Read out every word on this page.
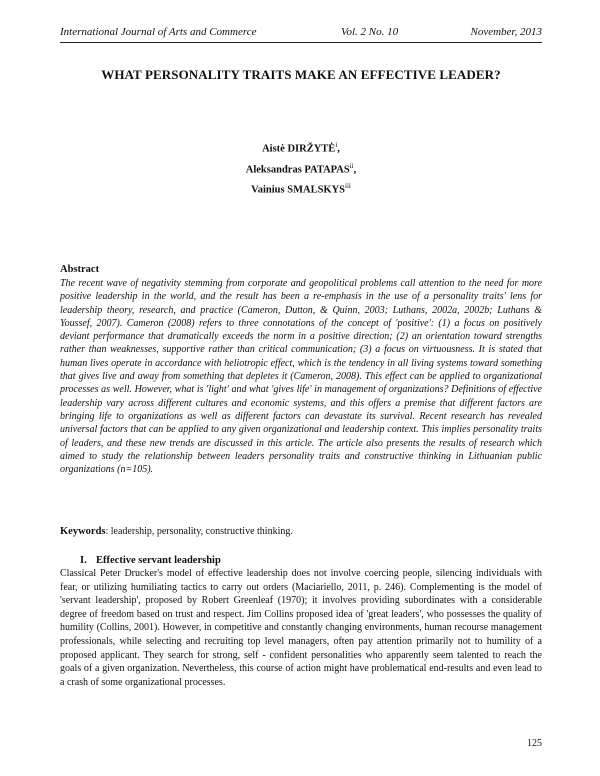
International Journal of Arts and Commerce	Vol. 2 No. 10	November, 2013
WHAT PERSONALITY TRAITS MAKE AN EFFECTIVE LEADER?
Aistė DIRŽYTĖ$^i$,
Aleksandras PATAPAS$^{ii}$,
Vainius SMALSKYS$^{iii}$
Abstract
The recent wave of negativity stemming from corporate and geopolitical problems call attention to the need for more positive leadership in the world, and the result has been a re-emphasis in the use of a personality traits' lens for leadership theory, research, and practice (Cameron, Dutton, & Quinn, 2003; Luthans, 2002a, 2002b; Luthans & Youssef, 2007). Cameron (2008) refers to three connotations of the concept of 'positive': (1) a focus on positively deviant performance that dramatically exceeds the norm in a positive direction; (2) an orientation toward strengths rather than weaknesses, supportive rather than critical communication; (3) a focus on virtuousness. It is stated that human lives operate in accordance with heliotropic effect, which is the tendency in all living systems toward something that gives live and away from something that depletes it (Cameron, 2008). This effect can be applied to organizational processes as well. However, what is 'light' and what 'gives life' in management of organizations? Definitions of effective leadership vary across different cultures and economic systems, and this offers a premise that different factors are bringing life to organizations as well as different factors can devastate its survival. Recent research has revealed universal factors that can be applied to any given organizational and leadership context. This implies personality traits of leaders, and these new trends are discussed in this article. The article also presents the results of research which aimed to study the relationship between leaders personality traits and constructive thinking in Lithuanian public organizations (n=105).
Keywords: leadership, personality, constructive thinking.
I. Effective servant leadership
Classical Peter Drucker's model of effective leadership does not involve coercing people, silencing individuals with fear, or utilizing humiliating tactics to carry out orders (Maciariello, 2011, p. 246). Complementing is the model of 'servant leadership', proposed by Robert Greenleaf (1970); it involves providing subordinates with a considerable degree of freedom based on trust and respect. Jim Collins proposed idea of 'great leaders', who possesses the quality of humility (Collins, 2001). However, in competitive and constantly changing environments, human recourse management professionals, while selecting and recruiting top level managers, often pay attention primarily not to humility of a proposed applicant. They search for strong, self - confident personalities who apparently seem talented to reach the goals of a given organization. Nevertheless, this course of action might have problematical end-results and even lead to a crash of some organizational processes.
125
